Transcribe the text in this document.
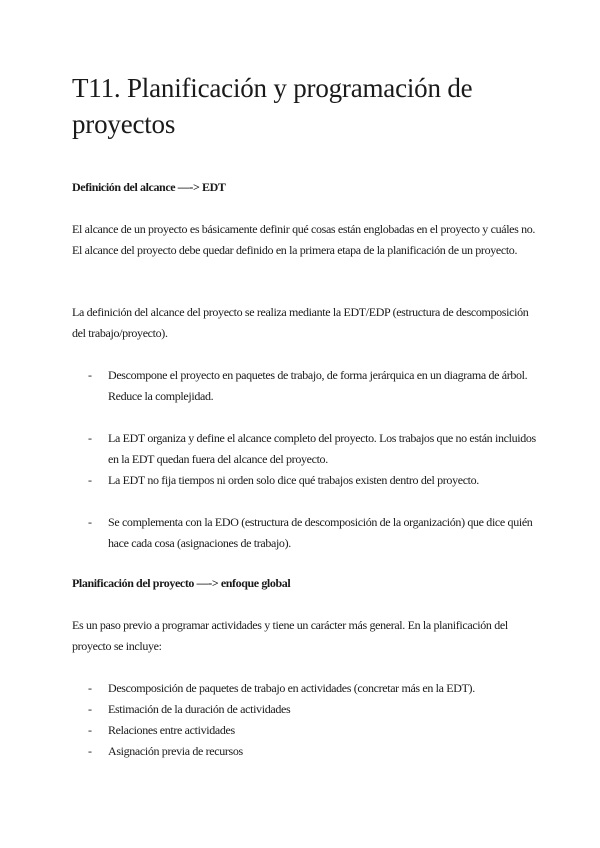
T11. Planificación y programación de proyectos
Definición del alcance —-> EDT

El alcance de un proyecto es básicamente definir qué cosas están englobadas en el proyecto y cuáles no. El alcance del proyecto debe quedar definido en la primera etapa de la planificación de un proyecto.

La definición del alcance del proyecto se realiza mediante la EDT/EDP (estructura de descomposición del trabajo/proyecto).

- Descompone el proyecto en paquetes de trabajo, de forma jerárquica en un diagrama de árbol. Reduce la complejidad.
- La EDT organiza y define el alcance completo del proyecto. Los trabajos que no están incluidos en la EDT quedan fuera del alcance del proyecto.
- La EDT no fija tiempos ni orden solo dice qué trabajos existen dentro del proyecto.
- Se complementa con la EDO (estructura de descomposición de la organización) que dice quién hace cada cosa (asignaciones de trabajo).
Planificación del proyecto —-> enfoque global

Es un paso previo a programar actividades y tiene un carácter más general. En la planificación del proyecto se incluye:

- Descomposición de paquetes de trabajo en actividades (concretar más en la EDT).
- Estimación de la duración de actividades
- Relaciones entre actividades
- Asignación previa de recursos
